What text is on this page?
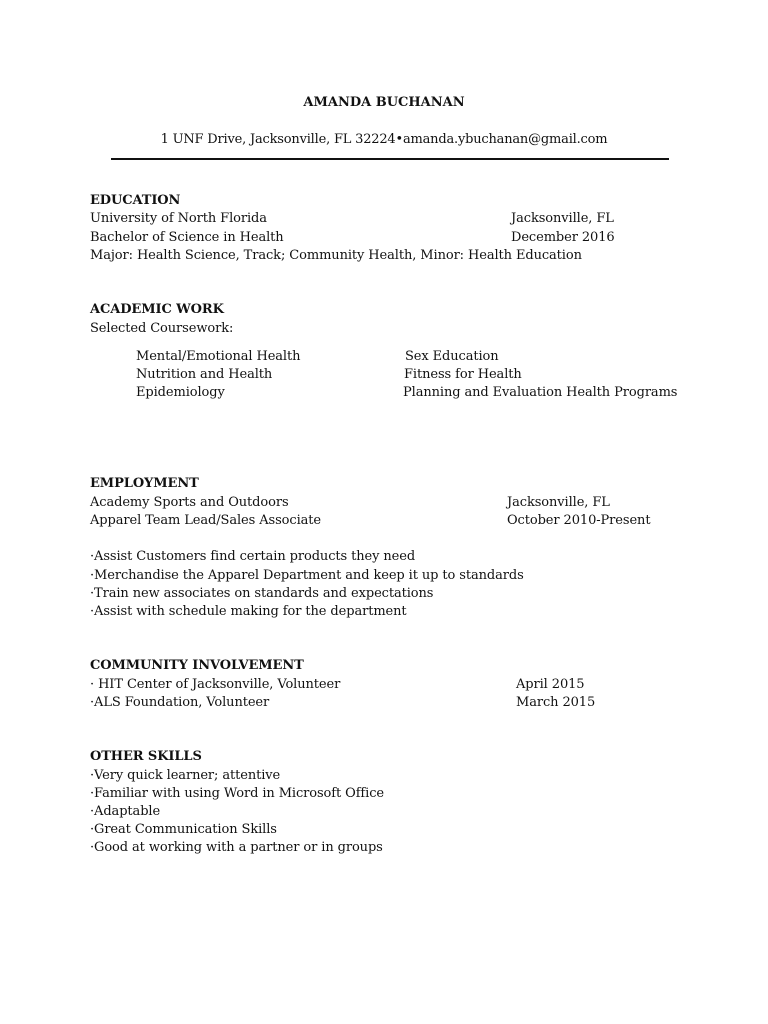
AMANDA BUCHANAN
1 UNF Drive, Jacksonville, FL 32224•amanda.ybuchanan@gmail.com
EDUCATION
University of North Florida	Jacksonville, FL
Bachelor of Science in Health	December 2016
Major: Health Science, Track; Community Health, Minor: Health Education
ACADEMIC WORK
Selected Coursework:
Mental/Emotional Health	Sex Education
Nutrition and Health	Fitness for Health
Epidemiology	Planning and Evaluation Health Programs
EMPLOYMENT
Academy Sports and Outdoors	Jacksonville, FL
Apparel Team Lead/Sales Associate	October 2010-Present
·Assist Customers find certain products they need
·Merchandise the Apparel Department and keep it up to standards
·Train new associates on standards and expectations
·Assist with schedule making for the department
COMMUNITY INVOLVEMENT
· HIT Center of Jacksonville, Volunteer	April 2015
·ALS Foundation, Volunteer	March 2015
OTHER SKILLS
·Very quick learner; attentive
·Familiar with using Word in Microsoft Office
·Adaptable
·Great Communication Skills
·Good at working with a partner or in groups
